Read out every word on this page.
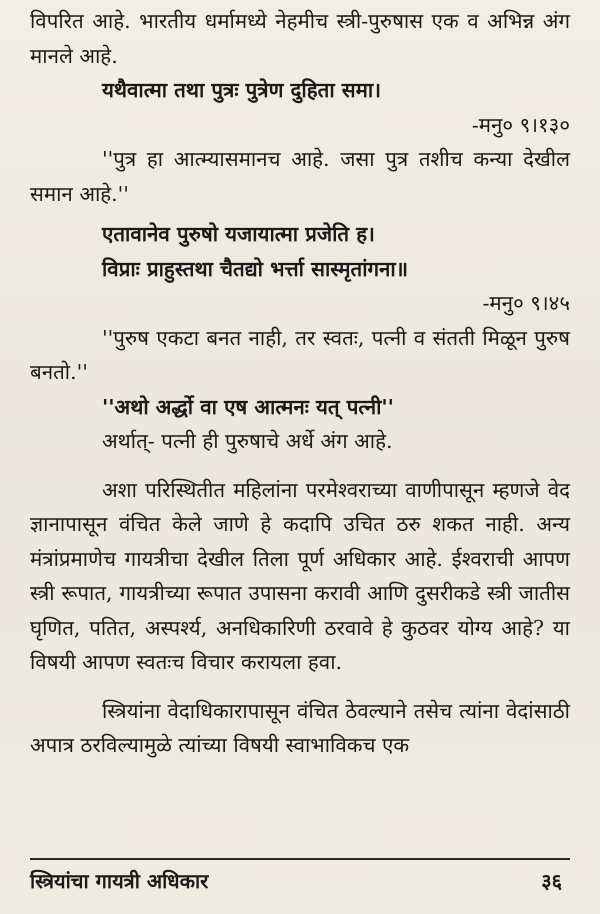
विपरित आहे. भारतीय धर्मामध्ये नेहमीच स्त्री-पुरुषास एक व अभिन्न अंग मानले आहे.

यथैवात्मा तथा पुत्रः पुत्रेण दुहिता समा।

-मनु० ९।१३०

''पुत्र हा आत्म्यासमानच आहे. जसा पुत्र तशीच कन्या देखील समान आहे.''

एतावानेव पुरुषो यजायात्मा प्रजेति ह।

विप्राः प्राहुस्तथा चैतद्यो भर्त्ता सास्मृतांगना॥

-मनु० ९।४५

''पुरुष एकटा बनत नाही, तर स्वतः, पत्नी व संतती मिळून पुरुष बनतो.''

''अथो अर्द्धो वा एष आत्मनः यत् पत्नी''

अर्थात्- पत्नी ही पुरुषाचे अर्धे अंग आहे.

अशा परिस्थितीत महिलांना परमेश्वराच्या वाणीपासून म्हणजे वेद ज्ञानापासून वंचित केले जाणे हे कदापि उचित ठरु शकत नाही. अन्य मंत्रांप्रमाणेच गायत्रीचा देखील तिला पूर्ण अधिकार आहे. ईश्वराची आपण स्त्री रूपात, गायत्रीच्या रूपात उपासना करावी आणि दुसरीकडे स्त्री जातीस घृणित, पतित, अस्पर्श्य, अनधिकारिणी ठरवावे हे कुठवर योग्य आहे? या विषयी आपण स्वतःच विचार करायला हवा.

स्त्रियांना वेदाधिकारापासून वंचित ठेवल्याने तसेच त्यांना वेदांसाठी अपात्र ठरविल्यामुळे त्यांच्या विषयी स्वाभाविकच एक

स्त्रियांचा गायत्री अधिकार	३६
